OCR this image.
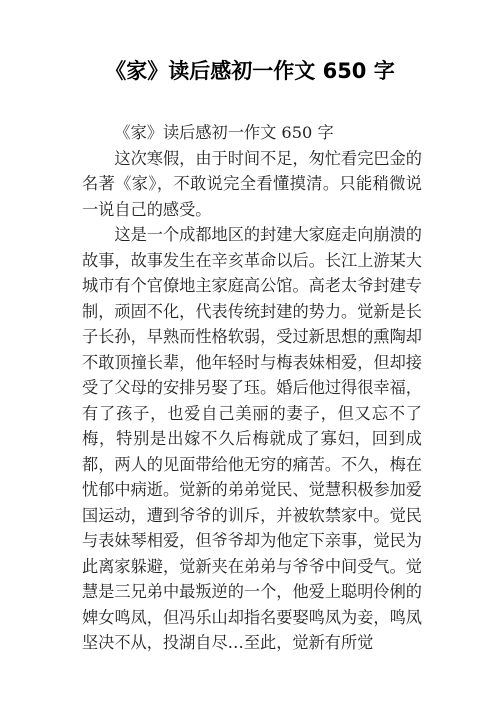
《家》读后感初一作文 650 字

《家》读后感初一作文 650 字

这次寒假，由于时间不足，匆忙看完巴金的名著《家》，不敢说完全看懂摸清。只能稍微说一说自己的感受。

这是一个成都地区的封建大家庭走向崩溃的故事，故事发生在辛亥革命以后。长江上游某大城市有个官僚地主家庭高公馆。高老太爷封建专制，顽固不化，代表传统封建的势力。觉新是长子长孙，早熟而性格软弱，受过新思想的熏陶却不敢顶撞长辈，他年轻时与梅表妹相爱，但却接受了父母的安排另娶了珏。婚后他过得很幸福，有了孩子，也爱自己美丽的妻子，但又忘不了梅，特别是出嫁不久后梅就成了寡妇，回到成都，两人的见面带给他无穷的痛苦。不久，梅在忧郁中病逝。觉新的弟弟觉民、觉慧积极参加爱国运动，遭到爷爷的训斥，并被软禁家中。觉民与表妹琴相爱，但爷爷却为他定下亲事，觉民为此离家躲避，觉新夹在弟弟与爷爷中间受气。觉慧是三兄弟中最叛逆的一个，他爱上聪明伶俐的婢女鸣凤，但冯乐山却指名要娶鸣凤为妾，鸣凤坚决不从，投湖自尽…至此，觉新有所觉
